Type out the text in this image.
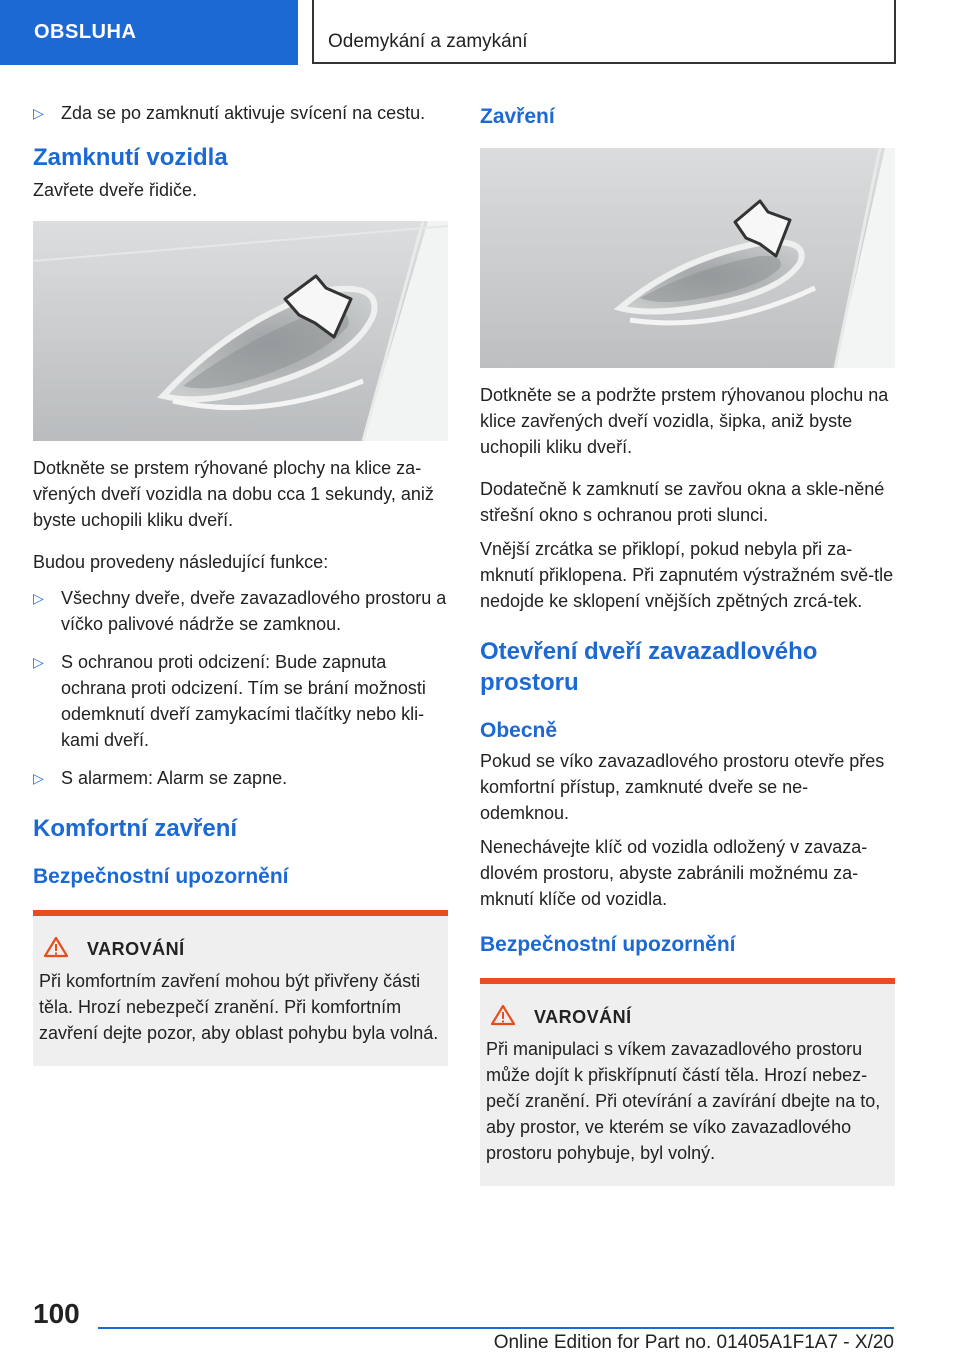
OBSLUHA	Odemykání a zamykání
▷ Zda se po zamknutí aktivuje svícení na cestu.
Zamknutí vozidla

Zavřete dveře řidiče.

Dotkněte se prstem rýhované plochy na klice za‐vřených dveří vozidla na dobu cca 1 sekundy, aniž byste uchopili kliku dveří.

Budou provedeny následující funkce:

▷ Všechny dveře, dveře zavazadlového prostoru a víčko palivové nádrže se zamknou.
▷ S ochranou proti odcizení: Bude zapnuta ochrana proti odcizení. Tím se brání možnosti odemknutí dveří zamykacími tlačítky nebo kli‐kami dveří.
▷ S alarmem: Alarm se zapne.
Komfortní zavření
Bezpečnostní upozornění
VAROVÁNÍ

Při komfortním zavření mohou být přivřeny části těla. Hrozí nebezpečí zranění. Při komfortním zavření dejte pozor, aby oblast pohybu byla volná.

Zavření

Dotkněte se a podržte prstem rýhovanou plochu na klice zavřených dveří vozidla, šipka, aniž byste uchopili kliku dveří.

Dodatečně k zamknutí se zavřou okna a skle‐něné střešní okno s ochranou proti slunci.

Vnější zrcátka se přiklopí, pokud nebyla při za‐mknutí přiklopena. Při zapnutém výstražném svě‐tle nedojde ke sklopení vnějších zpětných zrcá‐tek.

Otevření dveří zavazadlového prostoru
Obecně

Pokud se víko zavazadlového prostoru otevře přes komfortní přístup, zamknuté dveře se ne‐odemknou.

Nenechávejte klíč od vozidla odložený v zavaza‐dlovém prostoru, abyste zabránili možnému za‐mknutí klíče od vozidla.

Bezpečnostní upozornění
VAROVÁNÍ

Při manipulaci s víkem zavazadlového prostoru může dojít k přiskřípnutí částí těla. Hrozí nebez‐pečí zranění. Při otevírání a zavírání dbejte na to, aby prostor, ve kterém se víko zavazadlového prostoru pohybuje, byl volný.

100
Online Edition for Part no. 01405A1F1A7 - X/20
